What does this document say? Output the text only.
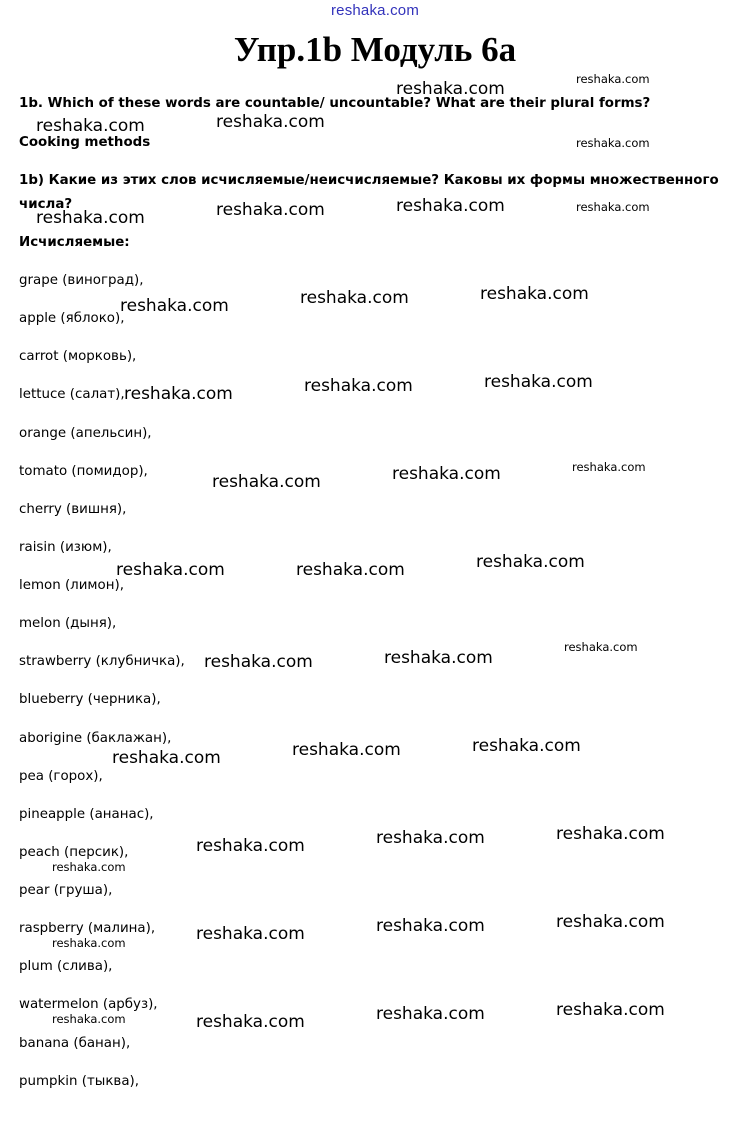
reshaka.com
Упр.1b Модуль 6а
1b. Which of these words are countable/ uncountable? What are their plural forms?
Cooking methods
1b) Какие из этих слов исчисляемые/неисчисляемые? Каковы их формы множественного
числа?
Исчисляемые:
grape (виноград),
apple (яблоко),
carrot (морковь),
lettuce (салат),
orange (апельсин),
tomato (помидор),
cherry (вишня),
raisin (изюм),
lemon (лимон),
melon (дыня),
strawberry (клубничка),
blueberry (черника),
aborigine (баклажан),
pea (горох),
pineapple (ананас),
peach (персик),
pear (груша),
raspberry (малина),
plum (слива),
watermelon (арбуз),
banana (банан),
pumpkin (тыква),
reshaka.com	reshaka.com
reshaka.com	reshaka.com
reshaka.com
reshaka.com	reshaka.com	reshaka.com	reshaka.com
reshaka.com	reshaka.com	reshaka.com
reshaka.com	reshaka.com	reshaka.com
reshaka.com	reshaka.com	reshaka.com
reshaka.com	reshaka.com	reshaka.com
reshaka.com	reshaka.com
reshaka.com
reshaka.com	reshaka.com	reshaka.com
reshaka.com	reshaka.com	reshaka.com
reshaka.com
reshaka.com	reshaka.com	reshaka.com
reshaka.com
reshaka.com	reshaka.com	reshaka.com
reshaka.com
